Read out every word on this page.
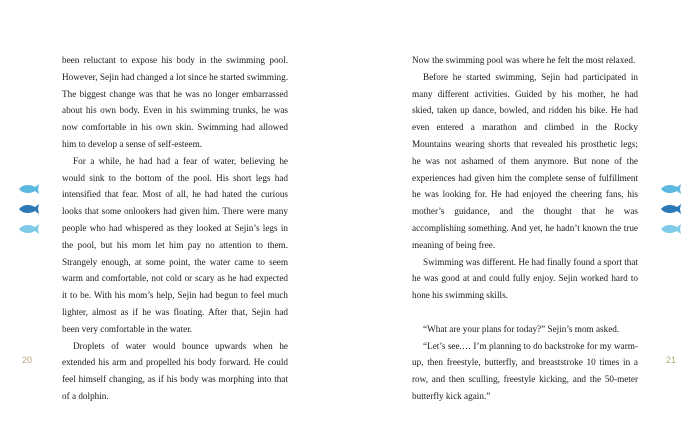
been reluctant to expose his body in the swimming pool. However, Sejin had changed a lot since he started swimming. The biggest change was that he was no longer embarrassed about his own body. Even in his swimming trunks, he was now comfortable in his own skin. Swimming had allowed him to develop a sense of self-esteem.

For a while, he had had a fear of water, believing he would sink to the bottom of the pool. His short legs had intensified that fear. Most of all, he had hated the curious looks that some onlookers had given him. There were many people who had whispered as they looked at Sejin’s legs in the pool, but his mom let him pay no attention to them. Strangely enough, at some point, the water came to seem warm and comfortable, not cold or scary as he had expected it to be. With his mom’s help, Sejin had begun to feel much lighter, almost as if he was floating. After that, Sejin had been very comfortable in the water.

Droplets of water would bounce upwards when he extended his arm and propelled his body forward. He could feel himself changing, as if his body was morphing into that of a dolphin.

Now the swimming pool was where he felt the most relaxed.

Before he started swimming, Sejin had participated in many different activities. Guided by his mother, he had skied, taken up dance, bowled, and ridden his bike. He had even entered a marathon and climbed in the Rocky Mountains wearing shorts that revealed his prosthetic legs; he was not ashamed of them anymore. But none of the experiences had given him the complete sense of fulfillment he was looking for. He had enjoyed the cheering fans, his mother’s guidance, and the thought that he was accomplishing something. And yet, he hadn’t known the true meaning of being free.

Swimming was different. He had finally found a sport that he was good at and could fully enjoy. Sejin worked hard to hone his swimming skills.

“What are your plans for today?” Sejin’s mom asked.

“Let’s see.… I’m planning to do backstroke for my warm-up, then freestyle, butterfly, and breaststroke 10 times in a row, and then sculling, freestyle kicking, and the 50-meter butterfly kick again.”

20	21
